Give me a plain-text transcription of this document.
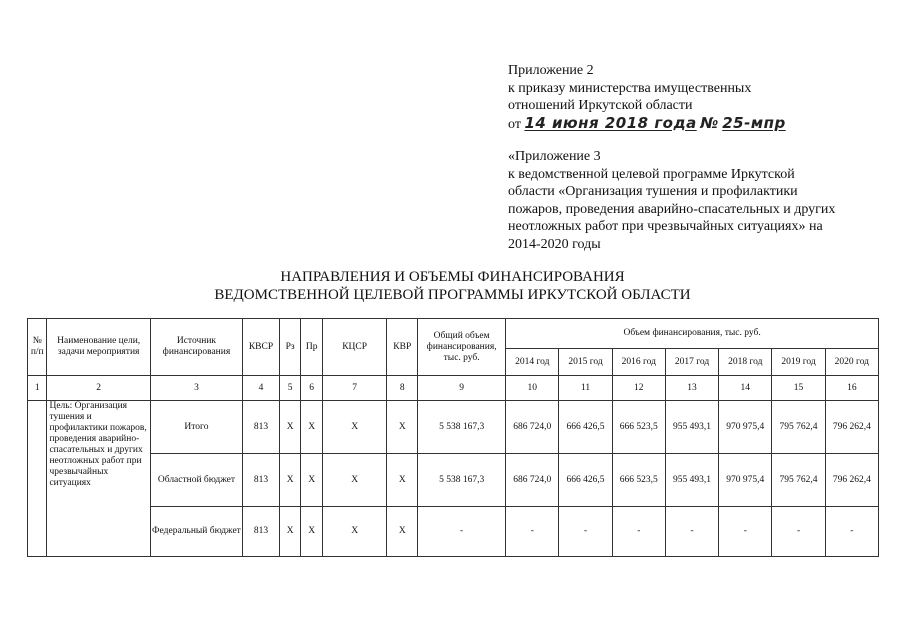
Приложение 2
к приказу министерства имущественных
отношений Иркутской области
от 14 июня 2018 года № 25-мпр
«Приложение 3
к ведомственной целевой программе Иркутской
области «Организация тушения и профилактики
пожаров, проведения аварийно-спасательных и других
неотложных работ при чрезвычайных ситуациях» на
2014-2020 годы
НАПРАВЛЕНИЯ И ОБЪЕМЫ ФИНАНСИРОВАНИЯ
ВЕДОМСТВЕННОЙ ЦЕЛЕВОЙ ПРОГРАММЫ ИРКУТСКОЙ ОБЛАСТИ
№ п/п	Наименование цели, задачи мероприятия	Источник финансирования	КВСР	Рз	Пр	КЦСР	КВР	Общий объем финансирования, тыс. руб.	Объем финансирования, тыс. руб.						
									2014 год	2015 год	2016 год	2017 год	2018 год	2019 год	2020 год
1	2	3	4	5	6	7	8	9	10	11	12	13	14	15	16
	Цель: Организация тушения и профилактики пожаров, проведения аварийно-спасательных и других неотложных работ при чрезвычайных ситуациях	Итого	813	X	X	X	X	5 538 167,3	686 724,0	666 426,5	666 523,5	955 493,1	970 975,4	795 762,4	796 262,4
		Областной бюджет	813	X	X	X	X	5 538 167,3	686 724,0	666 426,5	666 523,5	955 493,1	970 975,4	795 762,4	796 262,4
		Федеральный бюджет	813	X	X	X	X	-	-	-	-	-	-	-	-
